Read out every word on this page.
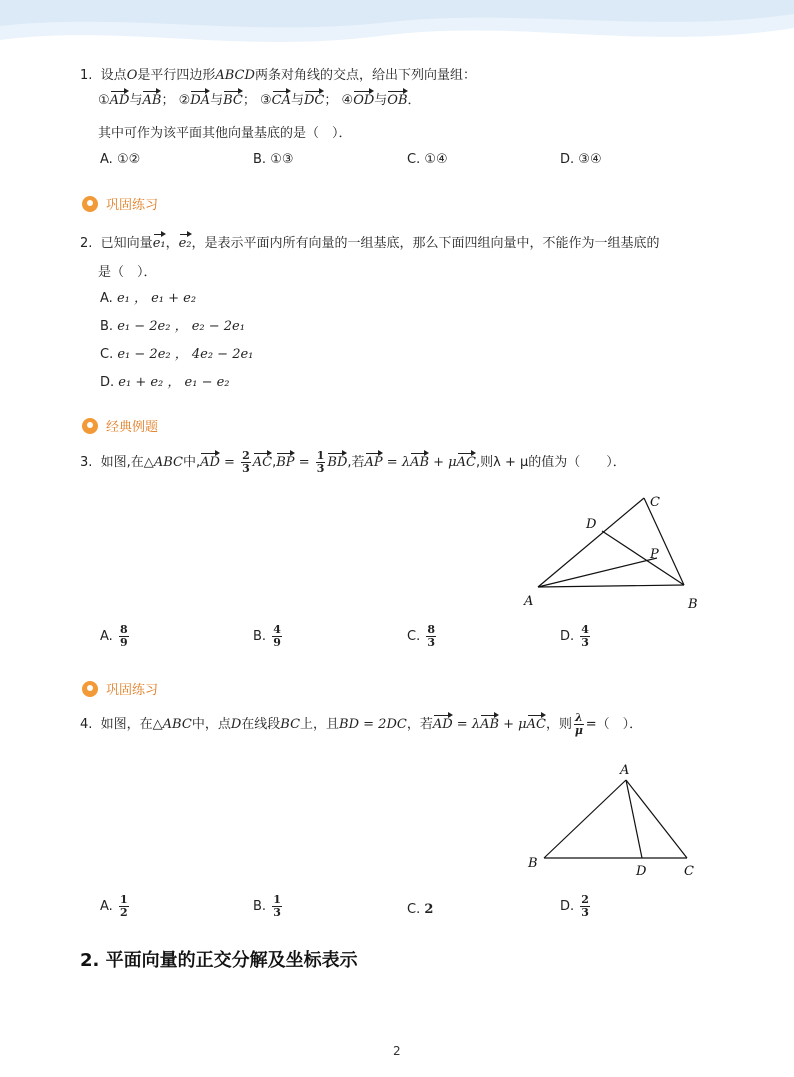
1. 设点O是平行四边形ABCD两条对角线的交点，给出下列向量组：
①AD与AB； ②DA与BC； ③CA与DC； ④OD与OB．
其中可作为该平面其他向量基底的是（　）．
A. ①②	B. ①③	C. ①④	D. ③④
巩固练习
2. 已知向量e₁，e₂，是表示平面内所有向量的一组基底，那么下面四组向量中，不能作为一组基底的
是（　）．
A. e₁ ， e₁ + e₂
B. e₁ − 2e₂ ， e₂ − 2e₁
C. e₁ − 2e₂ ， 4e₂ − 2e₁
D. e₁ + e₂ ， e₁ − e₂
经典例题
3. 如图,在△ABC中$,AD = \frac{2}{3} AC,BP = \frac{1}{3}$ BD,若AP = λAB + μAC,则λ + μ的值为（　　）．
A	B
C
D
P
A. $\frac{8}{9}$	B. $\frac{4}{9}$	C. $\frac{8}{3}$	D. $\frac{4}{3}$
巩固练习
4. 如图，在△ABC中，点D在线段BC上，且BD = 2DC，若AD = λAB + μAC，则 $\frac{\lambda}{\mu}$ =（　）．
A
B
C
D
A. $\frac{1}{2}$	B. $\frac{1}{3}$	C. 2	D. $\frac{2}{3}$
2. 平面向量的正交分解及坐标表示
2
